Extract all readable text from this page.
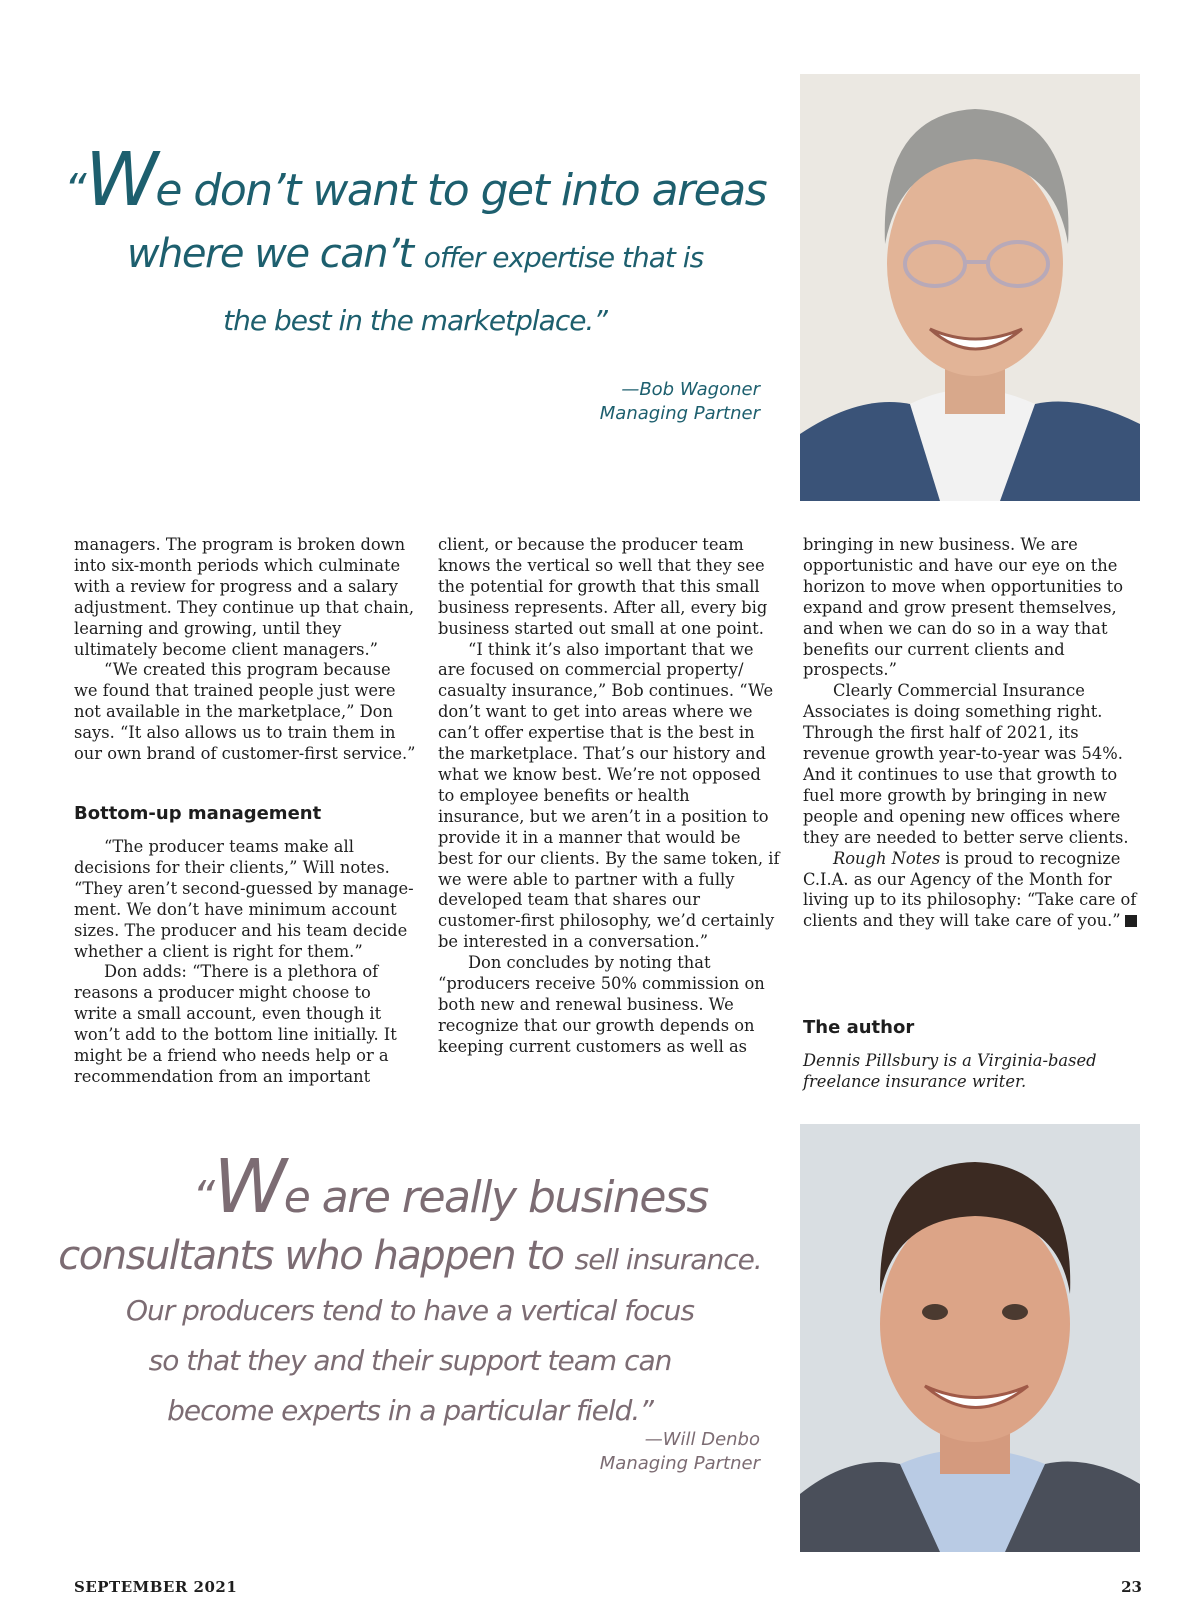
“We don’t want to get into areas
where we can’t offer expertise that is
the best in the marketplace.”
—Bob Wagoner
Managing Partner

managers. The program is broken down into six-month periods which culminate with a review for progress and a salary adjustment. They continue up that chain, learning and growing, until they ultimately become client managers.”

“We created this program because we found that trained people just were not available in the marketplace,” Don says. “It also allows us to train them in our own brand of customer-first service.”

Bottom-up management

“The producer teams make all decisions for their clients,” Will notes. “They aren’t second-guessed by manage-ment. We don’t have minimum account sizes. The producer and his team decide whether a client is right for them.”

Don adds: “There is a plethora of reasons a producer might choose to write a small account, even though it won’t add to the bottom line initially. It might be a friend who needs help or a recommendation from an important

client, or because the producer team knows the vertical so well that they see the potential for growth that this small business represents. After all, every big business started out small at one point.

“I think it’s also important that we are focused on commercial property/ casualty insurance,” Bob continues. “We don’t want to get into areas where we can’t offer expertise that is the best in the marketplace. That’s our history and what we know best. We’re not opposed to employee benefits or health insurance, but we aren’t in a position to provide it in a manner that would be best for our clients. By the same token, if we were able to partner with a fully developed team that shares our customer-first philosophy, we’d certainly be interested in a conversation.”

Don concludes by noting that “producers receive 50% commission on both new and renewal business. We recognize that our growth depends on keeping current customers as well as

bringing in new business. We are opportunistic and have our eye on the horizon to move when opportunities to expand and grow present themselves, and when we can do so in a way that benefits our current clients and prospects.”

Clearly Commercial Insurance Associates is doing something right. Through the first half of 2021, its revenue growth year-to-year was 54%. And it continues to use that growth to fuel more growth by bringing in new people and opening new offices where they are needed to better serve clients.

Rough Notes is proud to recognize C.I.A. as our Agency of the Month for living up to its philosophy: “Take care of clients and they will take care of you.”

The author

Dennis Pillsbury is a Virginia-based freelance insurance writer.

“We are really business
consultants who happen to sell insurance.
Our producers tend to have a vertical focus
so that they and their support team can
become experts in a particular field.”
—Will Denbo
Managing Partner
SEPTEMBER 2021	23
